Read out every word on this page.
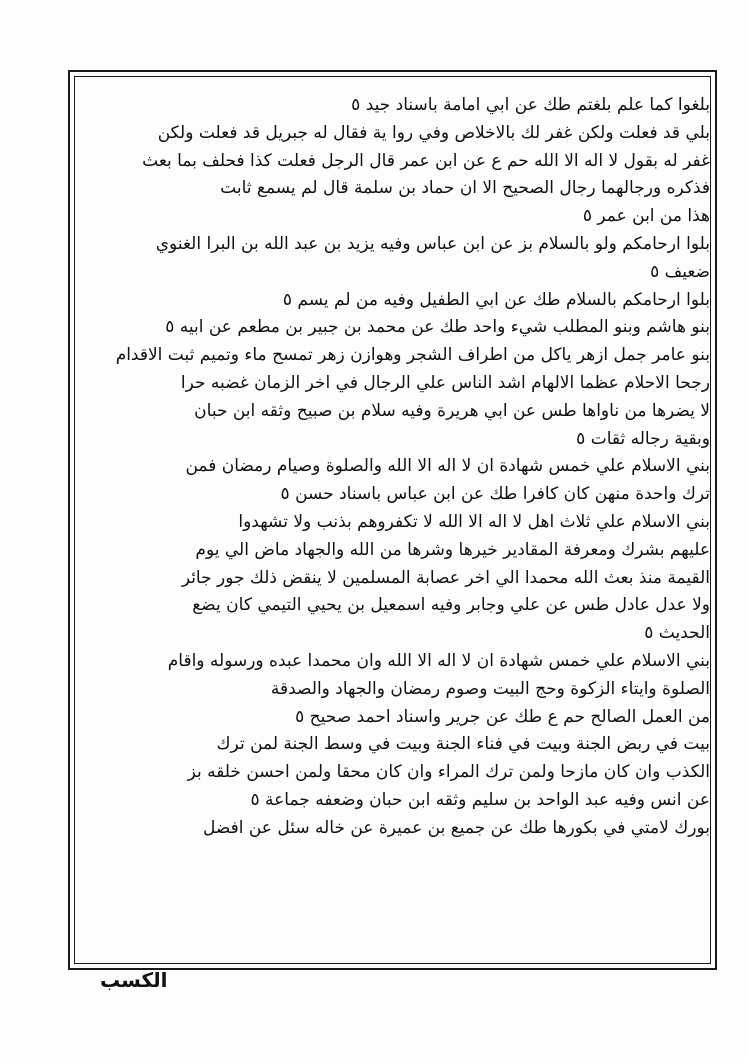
بلغوا كما علم بلغتم طك عن ابي امامة باسناد جيد ٥
بلي قد فعلت ولكن غفر لك بالاخلاص وفي روا ية فقال له جبريل قد فعلت ولكن
غفر له بقول لا اله الا الله حم ع عن ابن عمر قال الرجل فعلت كذا فحلف بما بعث
فذكره ورجالهما رجال الصحيح الا ان حماد بن سلمة قال لم يسمع ثابت
هذا من ابن عمر ٥
بلوا ارحامكم ولو بالسلام بز عن ابن عباس وفيه يزيد بن عبد الله بن البرا الغنوي
ضعيف ٥
بلوا ارحامكم بالسلام طك عن ابي الطفيل وفيه من لم يسم ٥
بنو هاشم وبنو المطلب شيء واحد طك عن محمد بن جبير بن مطعم عن ابيه ٥
بنو عامر جمل ازهر ياكل من اطراف الشجر وهوازن زهر تمسح ماء وتميم ثبت الاقدام
رجحا الاحلام عظما الالهام اشد الناس علي الرجال في اخر الزمان غضبه حرا
لا يضرها من ناواها طس عن ابي هريرة وفيه سلام بن صبيح وثقه ابن حبان
وبقية رجاله ثقات ٥
بني الاسلام علي خمس شهادة ان لا اله الا الله والصلوة وصيام رمضان فمن
ترك واحدة منهن كان كافرا طك عن ابن عباس باسناد حسن ٥
بني الاسلام علي ثلاث اهل لا اله الا الله لا تكفروهم بذنب ولا تشهدوا
عليهم بشرك ومعرفة المقادير خيرها وشرها من الله والجهاد ماض الي يوم
القيمة منذ بعث الله محمدا الي اخر عصابة المسلمين لا ينقض ذلك جور جائر
ولا عدل عادل طس عن علي وجابر وفيه اسمعيل بن يحيي التيمي كان يضع
الحديث ٥
بني الاسلام علي خمس شهادة ان لا اله الا الله وان محمدا عبده ورسوله واقام
الصلوة وايتاء الزكوة وحج البيت وصوم رمضان والجهاد والصدقة
من العمل الصالح حم ع طك عن جرير واسناد احمد صحيح ٥
بيت في ربض الجنة وبيت في فناء الجنة وبيت في وسط الجنة لمن ترك
الكذب وان كان مازحا ولمن ترك المراء وان كان محقا ولمن احسن خلقه بز
عن انس وفيه عبد الواحد بن سليم وثقه ابن حبان وضعفه جماعة ٥
بورك لامتي في بكورها طك عن جميع بن عميرة عن خاله سئل عن افضل
الكسب
